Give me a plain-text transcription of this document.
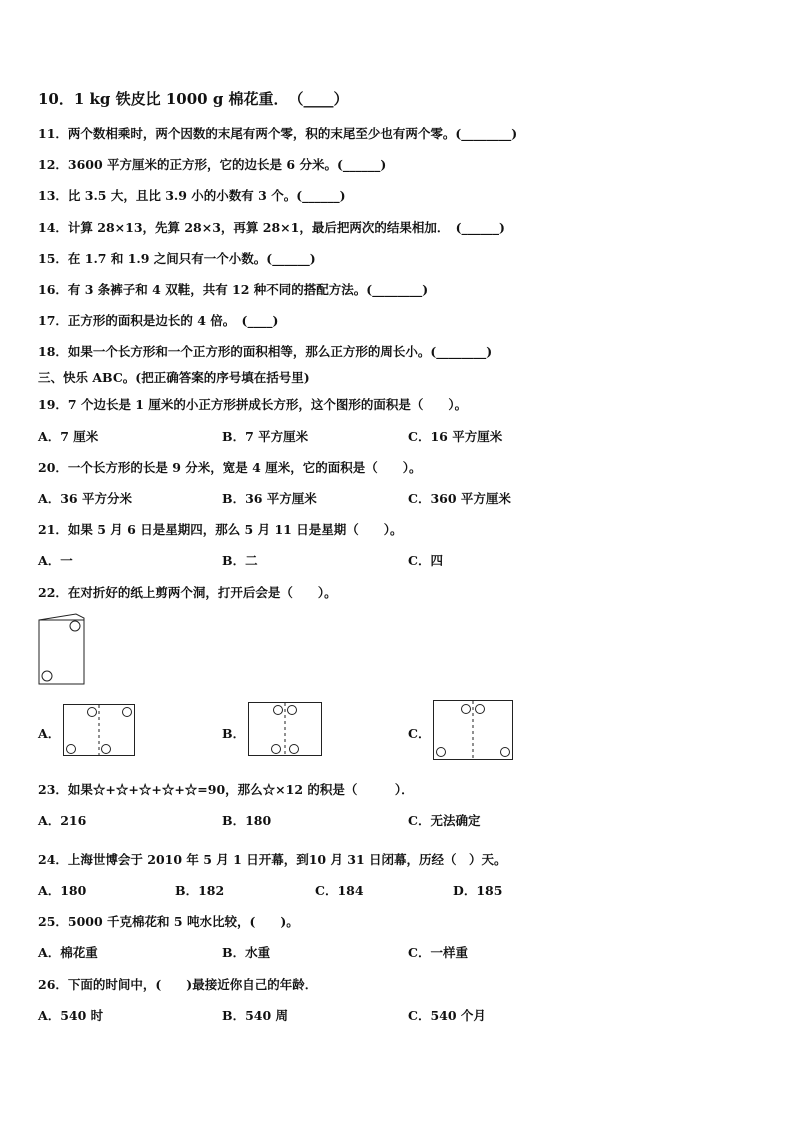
10．1 kg 铁皮比 1000 g 棉花重．　（____）
11．两个数相乘时，两个因数的末尾有两个零，积的末尾至少也有两个零。(________)
12．3600 平方厘米的正方形，它的边长是 6 分米。(______)
13．比 3.5 大，且比 3.9 小的小数有 3 个。(______)
14．计算 28×13，先算 28×3，再算 28×1，最后把两次的结果相加．　(______)
15．在 1.7 和 1.9 之间只有一个小数。(______)
16．有 3 条裤子和 4 双鞋，共有 12 种不同的搭配方法。(________)
17．正方形的面积是边长的 4 倍。　(____)
18．如果一个长方形和一个正方形的面积相等，那么正方形的周长小。(________)
三、快乐 ABC。(把正确答案的序号填在括号里)
19．7 个边长是 1 厘米的小正方形拼成长方形，这个图形的面积是（　　）。
A．7 厘米	B．7 平方厘米	C．16 平方厘米
20．一个长方形的长是 9 分米，宽是 4 厘米，它的面积是（　　）。
A．36 平方分米	B．36 平方厘米	C．360 平方厘米
21．如果 5 月 6 日是星期四，那么 5 月 11 日是星期（　　）。
A．一	B．二	C．四
22．在对折好的纸上剪两个洞，打开后会是（　　）。
A．	B．	C．
23．如果☆+☆+☆+☆+☆=90，那么☆×12 的积是（　　　）．
A．216	B．180	C．无法确定
24．上海世博会于 2010 年 5 月 1 日开幕，到10 月 31 日闭幕，历经（　）天。
A．180	B．182	C．184	D．185
25．5000 千克棉花和 5 吨水比较，(　　)。
A．棉花重	B．水重	C．一样重
26．下面的时间中，(　　)最接近你自己的年龄．
A．540 时	B．540 周	C．540 个月
